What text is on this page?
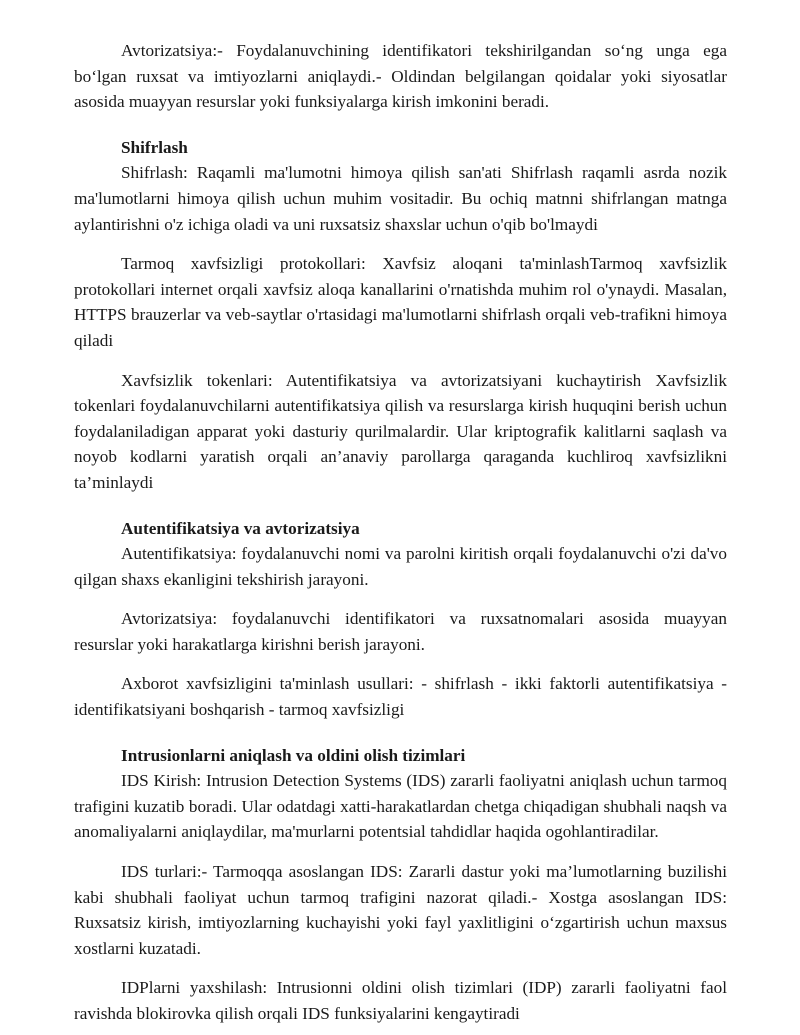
Avtorizatsiya:- Foydalanuvchining identifikatori tekshirilgandan so‘ng unga ega bo‘lgan ruxsat va imtiyozlarni aniqlaydi.- Oldindan belgilangan qoidalar yoki siyosatlar asosida muayyan resurslar yoki funksiyalarga kirish imkonini beradi.

Shifrlash

Shifrlash: Raqamli ma'lumotni himoya qilish san'ati Shifrlash raqamli asrda nozik ma'lumotlarni himoya qilish uchun muhim vositadir. Bu ochiq matnni shifrlangan matnga aylantirishni o'z ichiga oladi va uni ruxsatsiz shaxslar uchun o'qib bo'lmaydi

Tarmoq xavfsizligi protokollari: Xavfsiz aloqani ta'minlashTarmoq xavfsizlik protokollari internet orqali xavfsiz aloqa kanallarini o'rnatishda muhim rol o'ynaydi. Masalan, HTTPS brauzerlar va veb-saytlar o'rtasidagi ma'lumotlarni shifrlash orqali veb-trafikni himoya qiladi

Xavfsizlik tokenlari: Autentifikatsiya va avtorizatsiyani kuchaytirish Xavfsizlik tokenlari foydalanuvchilarni autentifikatsiya qilish va resurslarga kirish huquqini berish uchun foydalaniladigan apparat yoki dasturiy qurilmalardir. Ular kriptografik kalitlarni saqlash va noyob kodlarni yaratish orqali an’anaviy parollarga qaraganda kuchliroq xavfsizlikni ta’minlaydi

Autentifikatsiya va avtorizatsiya

Autentifikatsiya: foydalanuvchi nomi va parolni kiritish orqali foydalanuvchi o'zi da'vo qilgan shaxs ekanligini tekshirish jarayoni.

Avtorizatsiya: foydalanuvchi identifikatori va ruxsatnomalari asosida muayyan resurslar yoki harakatlarga kirishni berish jarayoni.

Axborot xavfsizligini ta'minlash usullari: - shifrlash - ikki faktorli autentifikatsiya - identifikatsiyani boshqarish - tarmoq xavfsizligi

Intrusionlarni aniqlash va oldini olish tizimlari

IDS Kirish: Intrusion Detection Systems (IDS) zararli faoliyatni aniqlash uchun tarmoq trafigini kuzatib boradi. Ular odatdagi xatti-harakatlardan chetga chiqadigan shubhali naqsh va anomaliyalarni aniqlaydilar, ma'murlarni potentsial tahdidlar haqida ogohlantiradilar.

IDS turlari:- Tarmoqqa asoslangan IDS: Zararli dastur yoki ma’lumotlarning buzilishi kabi shubhali faoliyat uchun tarmoq trafigini nazorat qiladi.- Xostga asoslangan IDS: Ruxsatsiz kirish, imtiyozlarning kuchayishi yoki fayl yaxlitligini o‘zgartirish uchun maxsus xostlarni kuzatadi.

IDPlarni yaxshilash: Intrusionni oldini olish tizimlari (IDP) zararli faoliyatni faol ravishda blokirovka qilish orqali IDS funksiyalarini kengaytiradi
